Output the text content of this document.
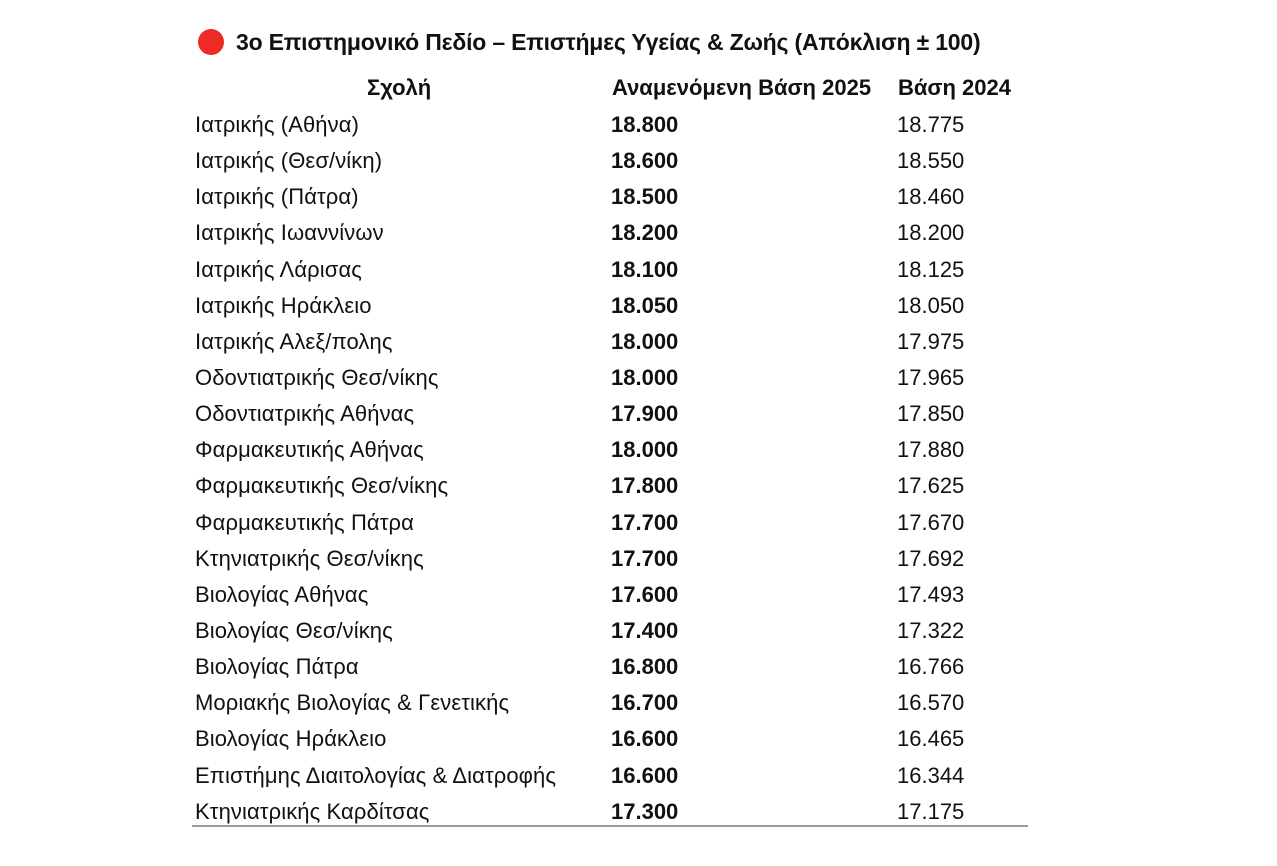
3ο Επιστημονικό Πεδίο – Επιστήμες Υγείας & Ζωής (Απόκλιση ± 100)
Σχολή	Αναμενόμενη Βάση 2025 Βάση 2024
Ιατρικής (Αθήνα)	18.800	18.775
Ιατρικής (Θεσ/νίκη)	18.600	18.550
Ιατρικής (Πάτρα)	18.500	18.460
Ιατρικής Ιωαννίνων	18.200	18.200
Ιατρικής Λάρισας	18.100	18.125
Ιατρικής Ηράκλειο	18.050	18.050
Ιατρικής Αλεξ/πολης	18.000	17.975
Οδοντιατρικής Θεσ/νίκης	18.000	17.965
Οδοντιατρικής Αθήνας	17.900	17.850
Φαρμακευτικής Αθήνας	18.000	17.880
Φαρμακευτικής Θεσ/νίκης	17.800	17.625
Φαρμακευτικής Πάτρα	17.700	17.670
Κτηνιατρικής Θεσ/νίκης	17.700	17.692
Βιολογίας Αθήνας	17.600	17.493
Βιολογίας Θεσ/νίκης	17.400	17.322
Βιολογίας Πάτρα	16.800	16.766
Μοριακής Βιολογίας & Γενετικής	16.700	16.570
Βιολογίας Ηράκλειο	16.600	16.465
Επιστήμης Διαιτολογίας & Διατροφής 16.600	16.344
Κτηνιατρικής Καρδίτσας	17.300	17.175
